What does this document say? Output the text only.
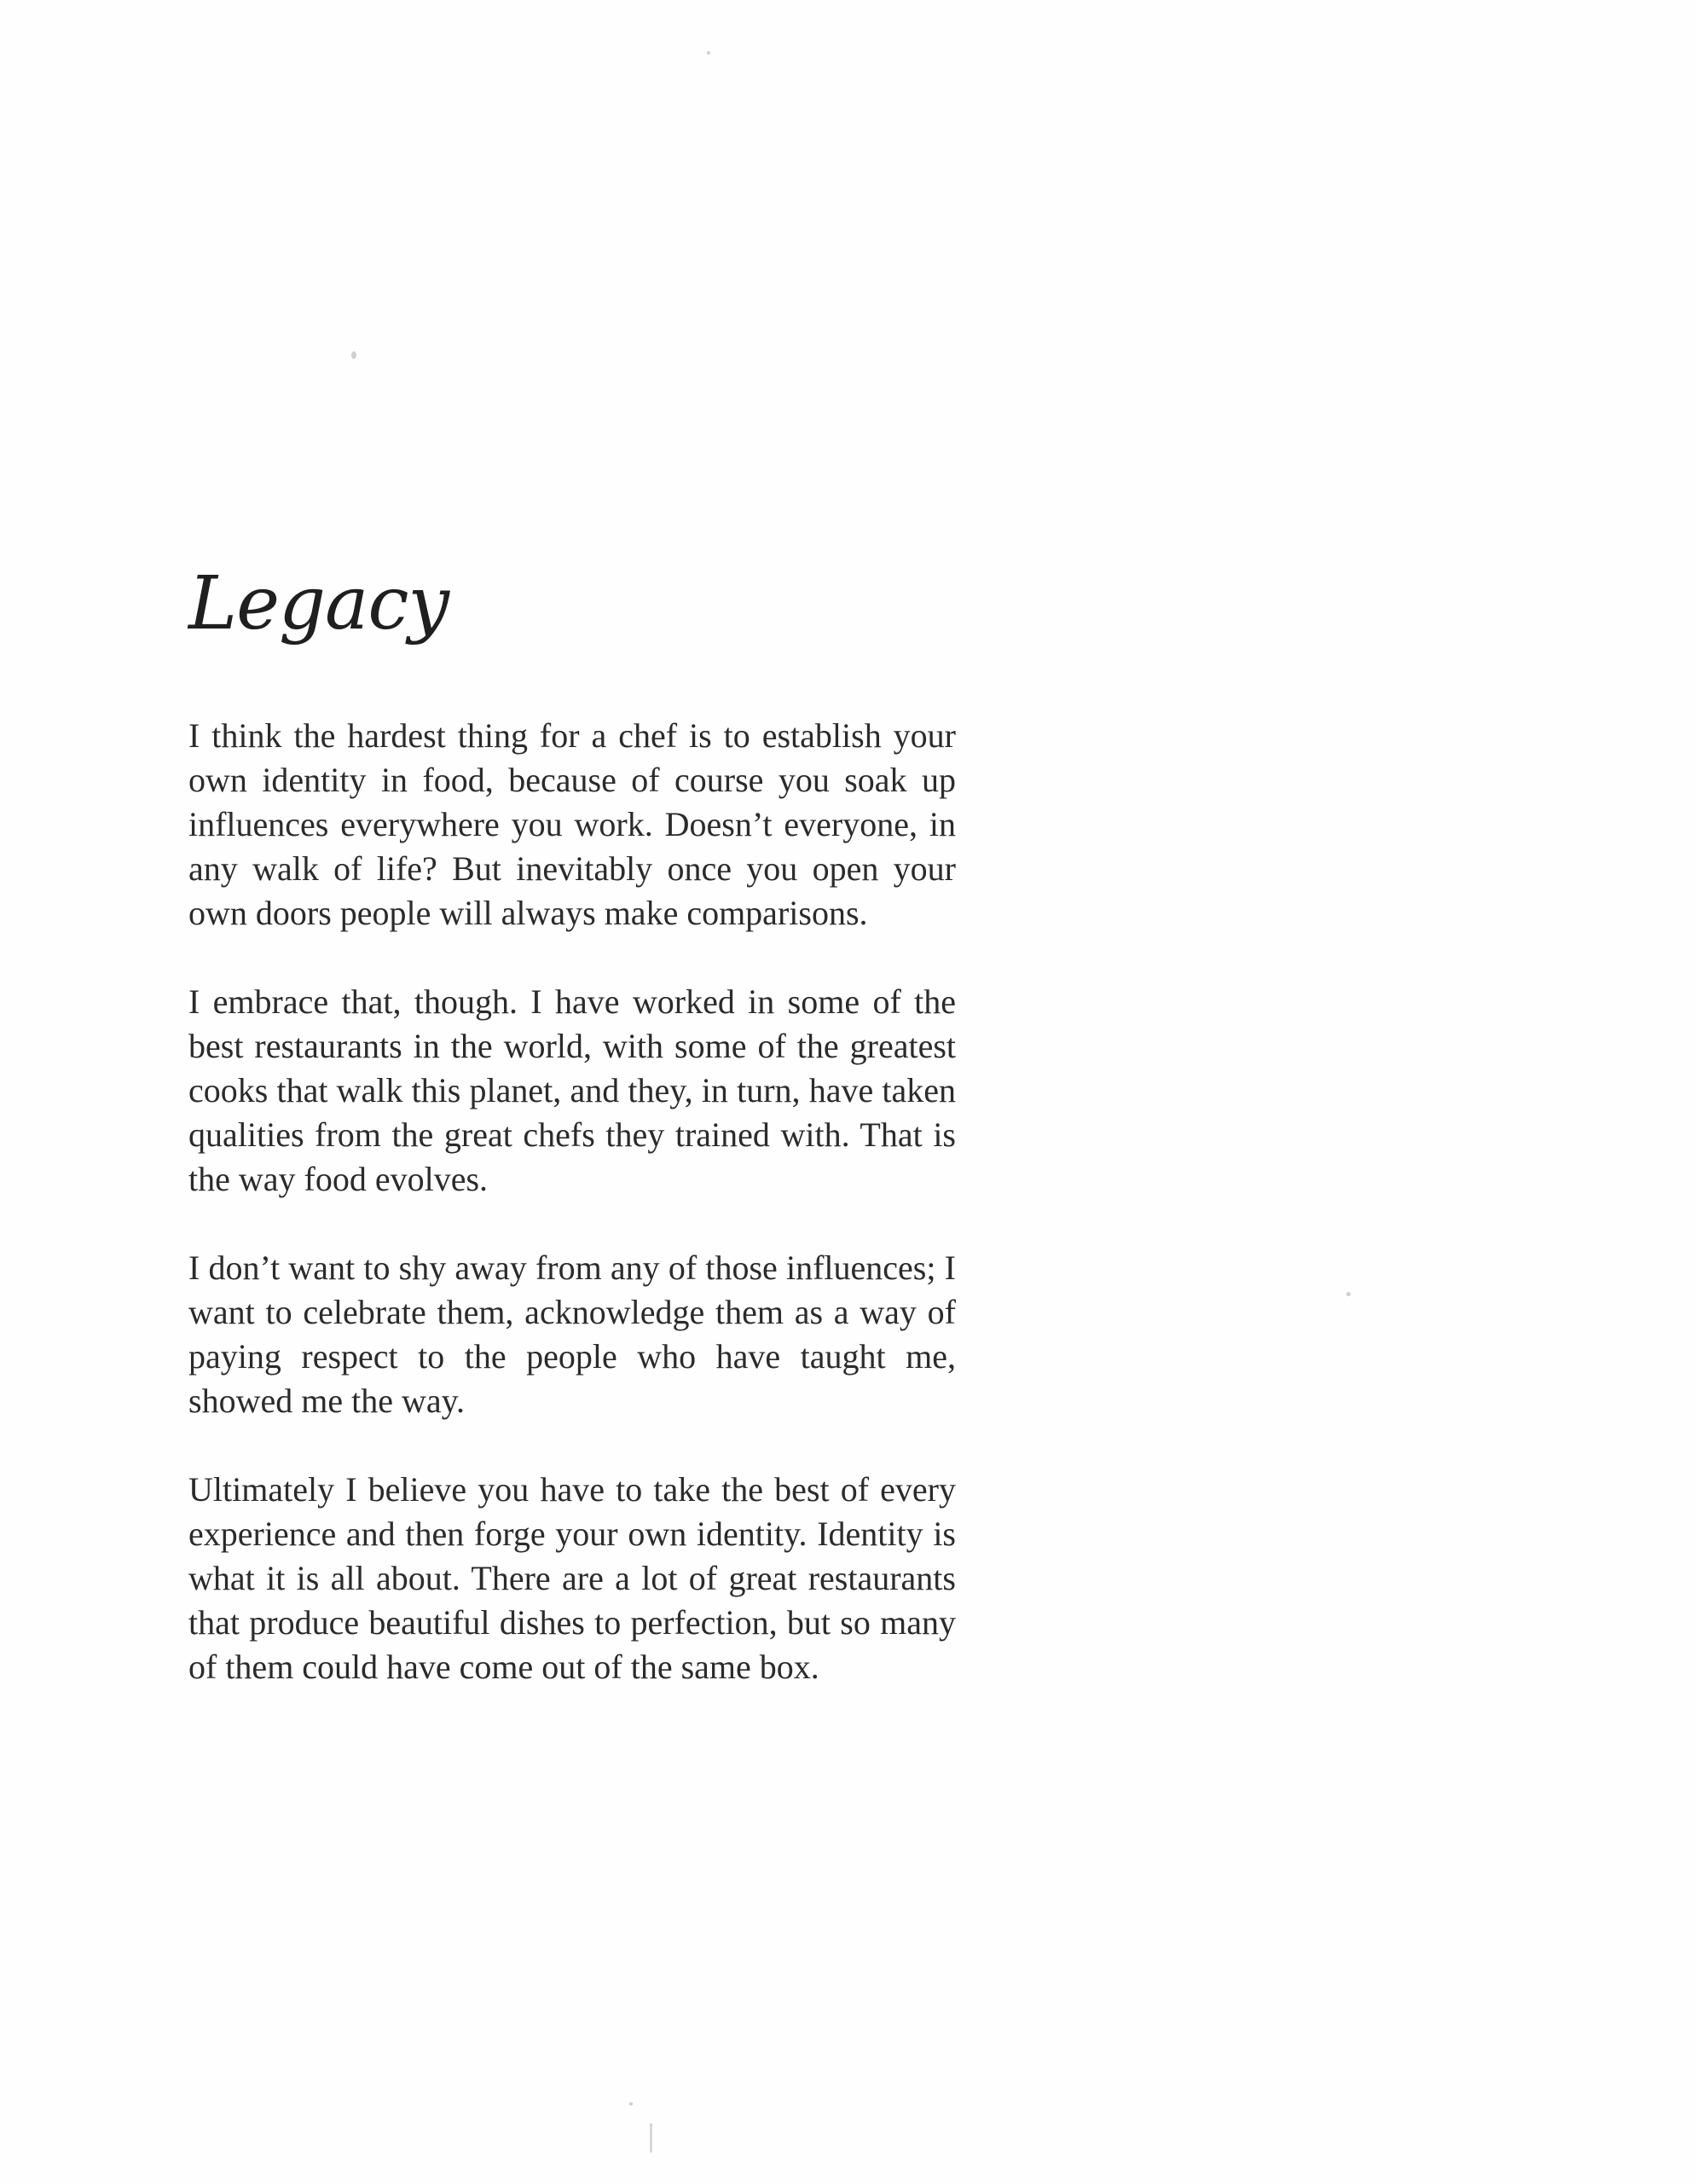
Legacy

I think the hardest thing for a chef is to establish your own identity in food, because of course you soak up influences everywhere you work. Doesn’t everyone, in any walk of life? But inevitably once you open your own doors people will always make comparisons.

I embrace that, though. I have worked in some of the best restaurants in the world, with some of the greatest cooks that walk this planet, and they, in turn, have taken qualities from the great chefs they trained with. That is the way food evolves.

I don’t want to shy away from any of those influences; I want to celebrate them, acknowledge them as a way of paying respect to the people who have taught me, showed me the way.

Ultimately I believe you have to take the best of every experience and then forge your own identity. Identity is what it is all about. There are a lot of great restaurants that produce beautiful dishes to perfection, but so many of them could have come out of the same box.
